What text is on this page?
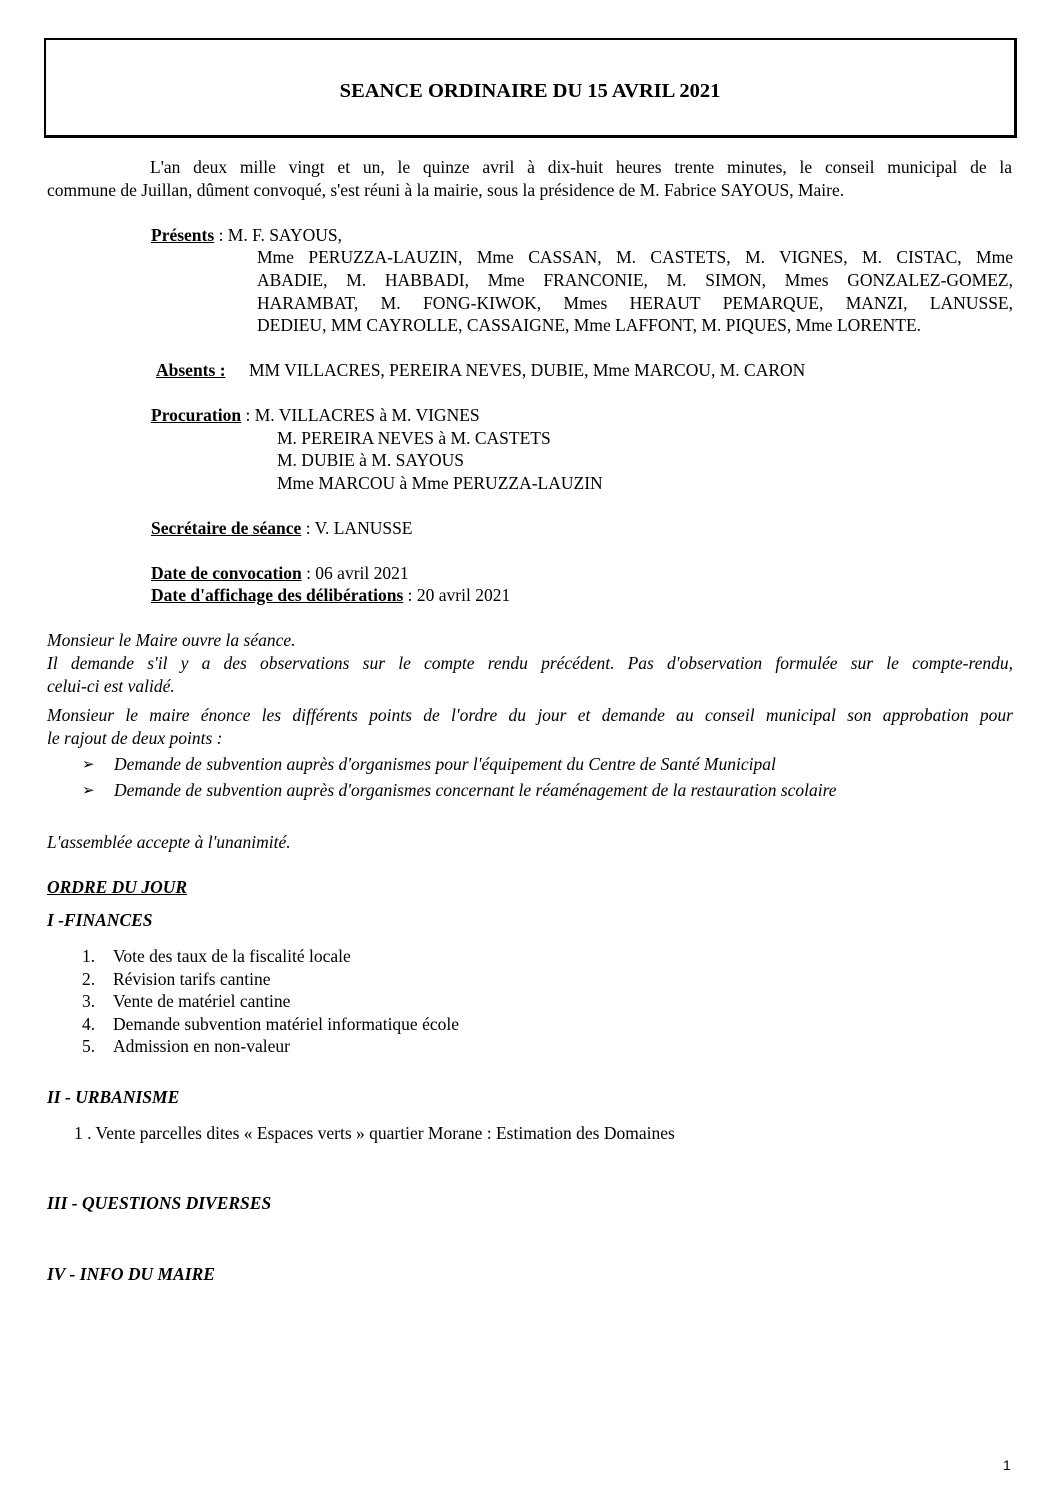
SEANCE ORDINAIRE DU 15 AVRIL 2021

L'an deux mille vingt et un, le quinze avril à dix-huit heures trente minutes, le conseil municipal de la

commune de Juillan, dûment convoqué, s'est réuni à la mairie, sous la présidence de M. Fabrice SAYOUS, Maire.

Présents : M. F. SAYOUS,

Mme PERUZZA-LAUZIN, Mme CASSAN, M. CASTETS, M. VIGNES, M. CISTAC, Mme

ABADIE, M. HABBADI, Mme FRANCONIE, M. SIMON, Mmes GONZALEZ-GOMEZ,

HARAMBAT, M. FONG-KIWOK, Mmes HERAUT PEMARQUE, MANZI, LANUSSE,

DEDIEU, MM CAYROLLE, CASSAIGNE, Mme LAFFONT, M. PIQUES, Mme LORENTE.

Absents : MM VILLACRES, PEREIRA NEVES, DUBIE, Mme MARCOU, M. CARON

Procuration : M. VILLACRES à M. VIGNES

M. PEREIRA NEVES à M. CASTETS

M. DUBIE à M. SAYOUS

Mme MARCOU à Mme PERUZZA-LAUZIN

Secrétaire de séance : V. LANUSSE

Date de convocation : 06 avril 2021

Date d'affichage des délibérations : 20 avril 2021

Monsieur le Maire ouvre la séance.

Il demande s'il y a des observations sur le compte rendu précédent. Pas d'observation formulée sur le compte-rendu,

celui-ci est validé.

Monsieur le maire énonce les différents points de l'ordre du jour et demande au conseil municipal son approbation pour

le rajout de deux points :

➢ Demande de subvention auprès d'organismes pour l'équipement du Centre de Santé Municipal

➢ Demande de subvention auprès d'organismes concernant le réaménagement de la restauration scolaire

L'assemblée accepte à l'unanimité.

ORDRE DU JOUR

I -FINANCES

1. Vote des taux de la fiscalité locale

2. Révision tarifs cantine

3. Vente de matériel cantine

4. Demande subvention matériel informatique école

5. Admission en non-valeur

II - URBANISME

1 . Vente parcelles dites « Espaces verts » quartier Morane : Estimation des Domaines

III - QUESTIONS DIVERSES

IV - INFO DU MAIRE

1
